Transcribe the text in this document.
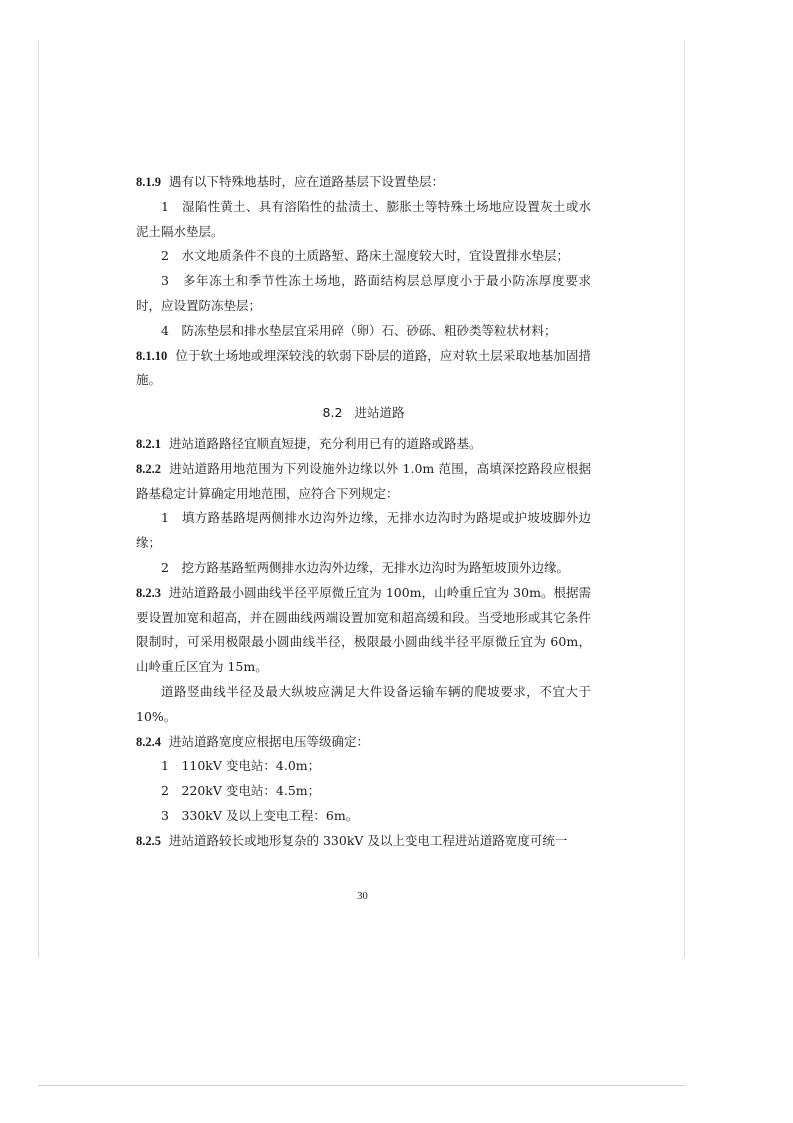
8.1.9 遇有以下特殊地基时，应在道路基层下设置垫层：

1　湿陷性黄土、具有溶陷性的盐渍土、膨胀土等特殊土场地应设置灰土或水泥土隔水垫层。

2　水文地质条件不良的土质路堑、路床土湿度较大时，宜设置排水垫层；

3　多年冻土和季节性冻土场地，路面结构层总厚度小于最小防冻厚度要求时，应设置防冻垫层；

4　防冻垫层和排水垫层宜采用碎（卵）石、砂砾、粗砂类等粒状材料；

8.1.10 位于软土场地或埋深较浅的软弱下卧层的道路，应对软土层采取地基加固措施。

8.2 进站道路

8.2.1 进站道路路径宜顺直短捷，充分利用已有的道路或路基。

8.2.2 进站道路用地范围为下列设施外边缘以外 1.0m 范围，高填深挖路段应根据路基稳定计算确定用地范围，应符合下列规定：

1　填方路基路堤两侧排水边沟外边缘，无排水边沟时为路堤或护坡坡脚外边缘；

2　挖方路基路堑两侧排水边沟外边缘，无排水边沟时为路堑坡顶外边缘。

8.2.3 进站道路最小圆曲线半径平原微丘宜为 100m，山岭重丘宜为 30m。根据需要设置加宽和超高，并在圆曲线两端设置加宽和超高缓和段。当受地形或其它条件限制时，可采用极限最小圆曲线半径，极限最小圆曲线半径平原微丘宜为 60m，山岭重丘区宜为 15m。

道路竖曲线半径及最大纵坡应满足大件设备运输车辆的爬坡要求，不宜大于 10%。

8.2.4 进站道路宽度应根据电压等级确定：

1　110kV 变电站：4.0m；

2　220kV 变电站：4.5m；

3　330kV 及以上变电工程：6m。

8.2.5 进站道路较长或地形复杂的 330kV 及以上变电工程进站道路宽度可统一

30
